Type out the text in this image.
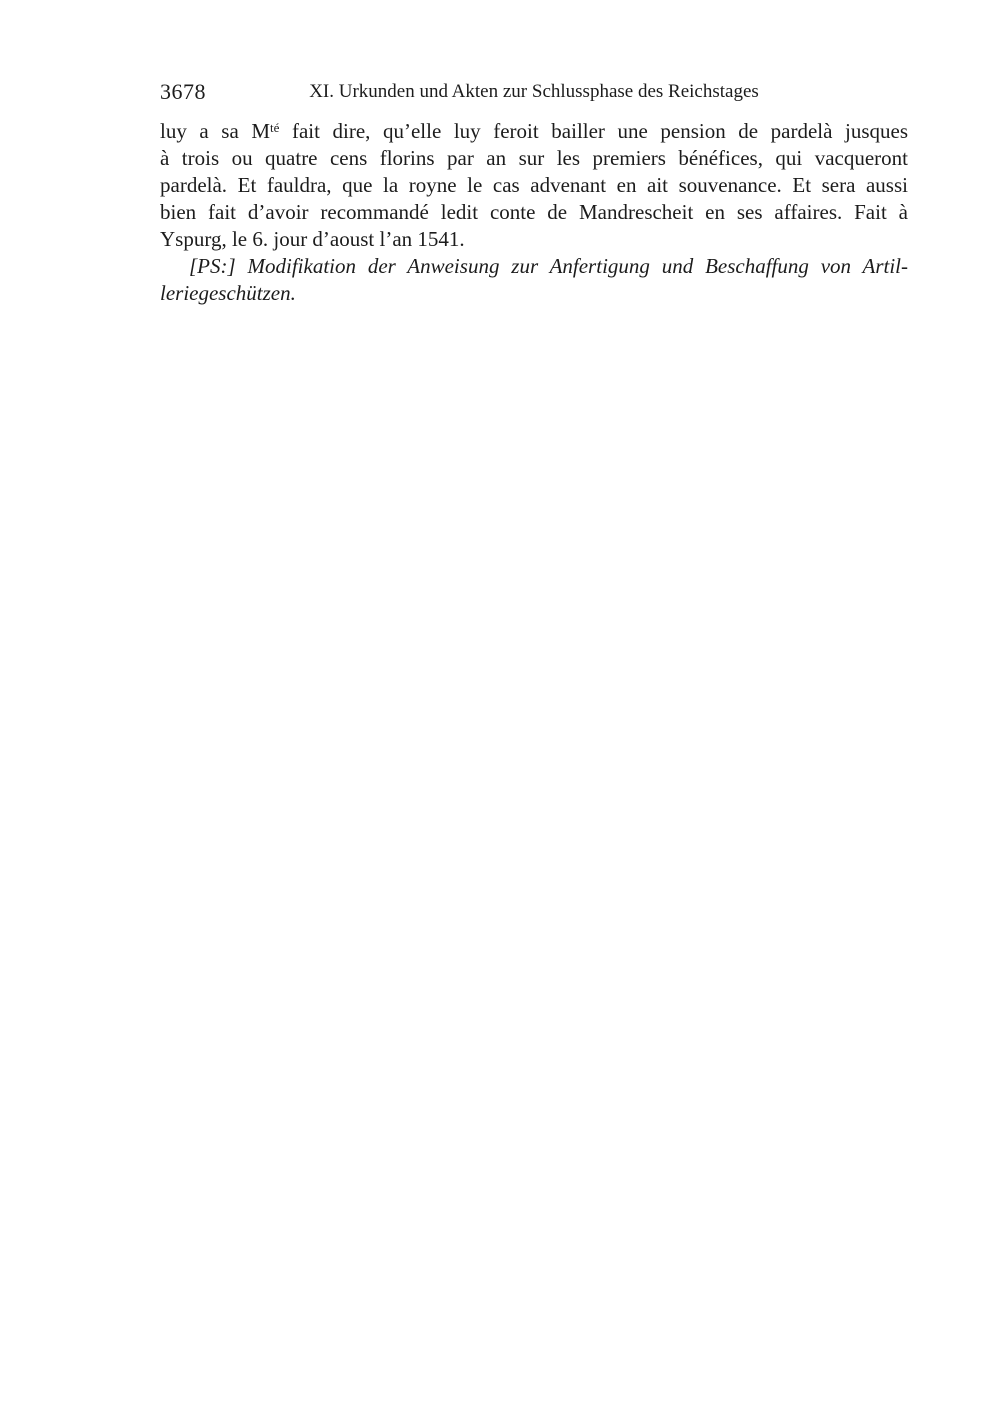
3678	XI. Urkunden und Akten zur Schlussphase des Reichstages

luy a sa $M^{té}$ fait dire, qu’elle luy feroit bailler une pension de pardelà jusques

à trois ou quatre cens florins par an sur les premiers bénéfices, qui vacqueront

pardelà. Et fauldra, que la royne le cas advenant en ait souvenance. Et sera aussi

bien fait d’avoir recommandé ledit conte de Mandrescheit en ses affaires. Fait à

Yspurg, le 6. jour d’aoust l’an 1541.

[PS:] Modifikation der Anweisung zur Anfertigung und Beschaffung von Artil-

leriegeschützen.
